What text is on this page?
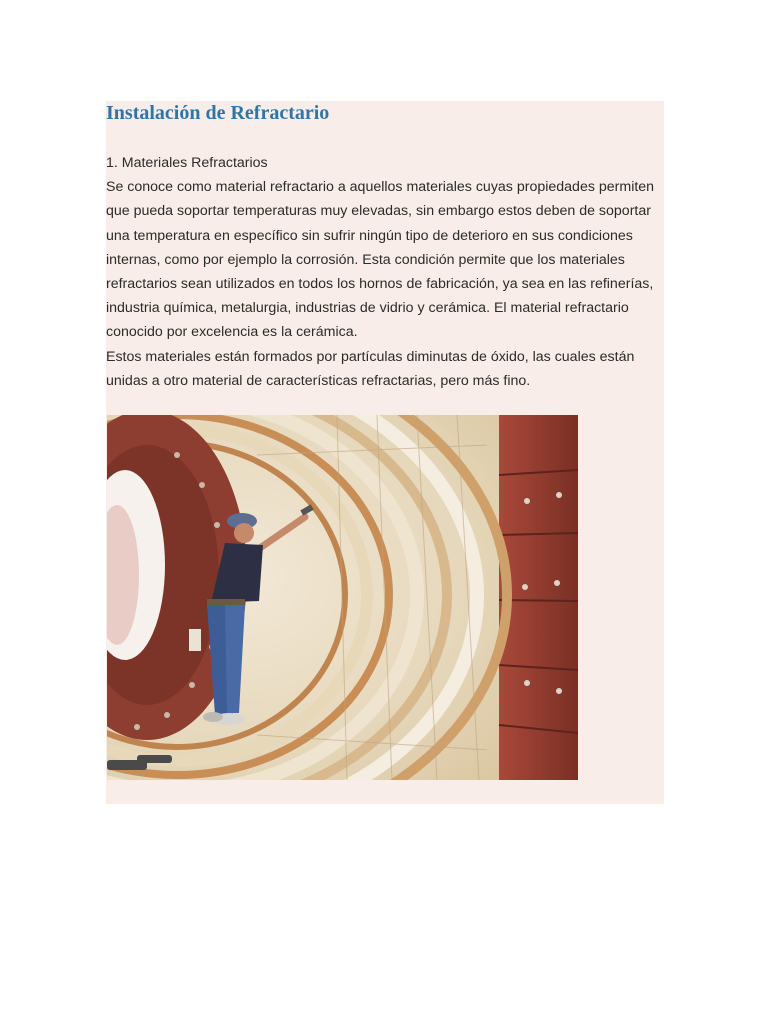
Instalación de Refractario

1. Materiales Refractarios

Se conoce como material refractario a aquellos materiales cuyas propiedades permiten que pueda soportar temperaturas muy elevadas, sin embargo estos deben de soportar una temperatura en específico sin sufrir ningún tipo de deterioro en sus condiciones internas, como por ejemplo la corrosión. Esta condición permite que los materiales refractarios sean utilizados en todos los hornos de fabricación, ya sea en las refinerías, industria química, metalurgia, industrias de vidrio y cerámica. El material refractario conocido por excelencia es la cerámica.

Estos materiales están formados por partículas diminutas de óxido, las cuales están unidas a otro material de características refractarias, pero más fino.
